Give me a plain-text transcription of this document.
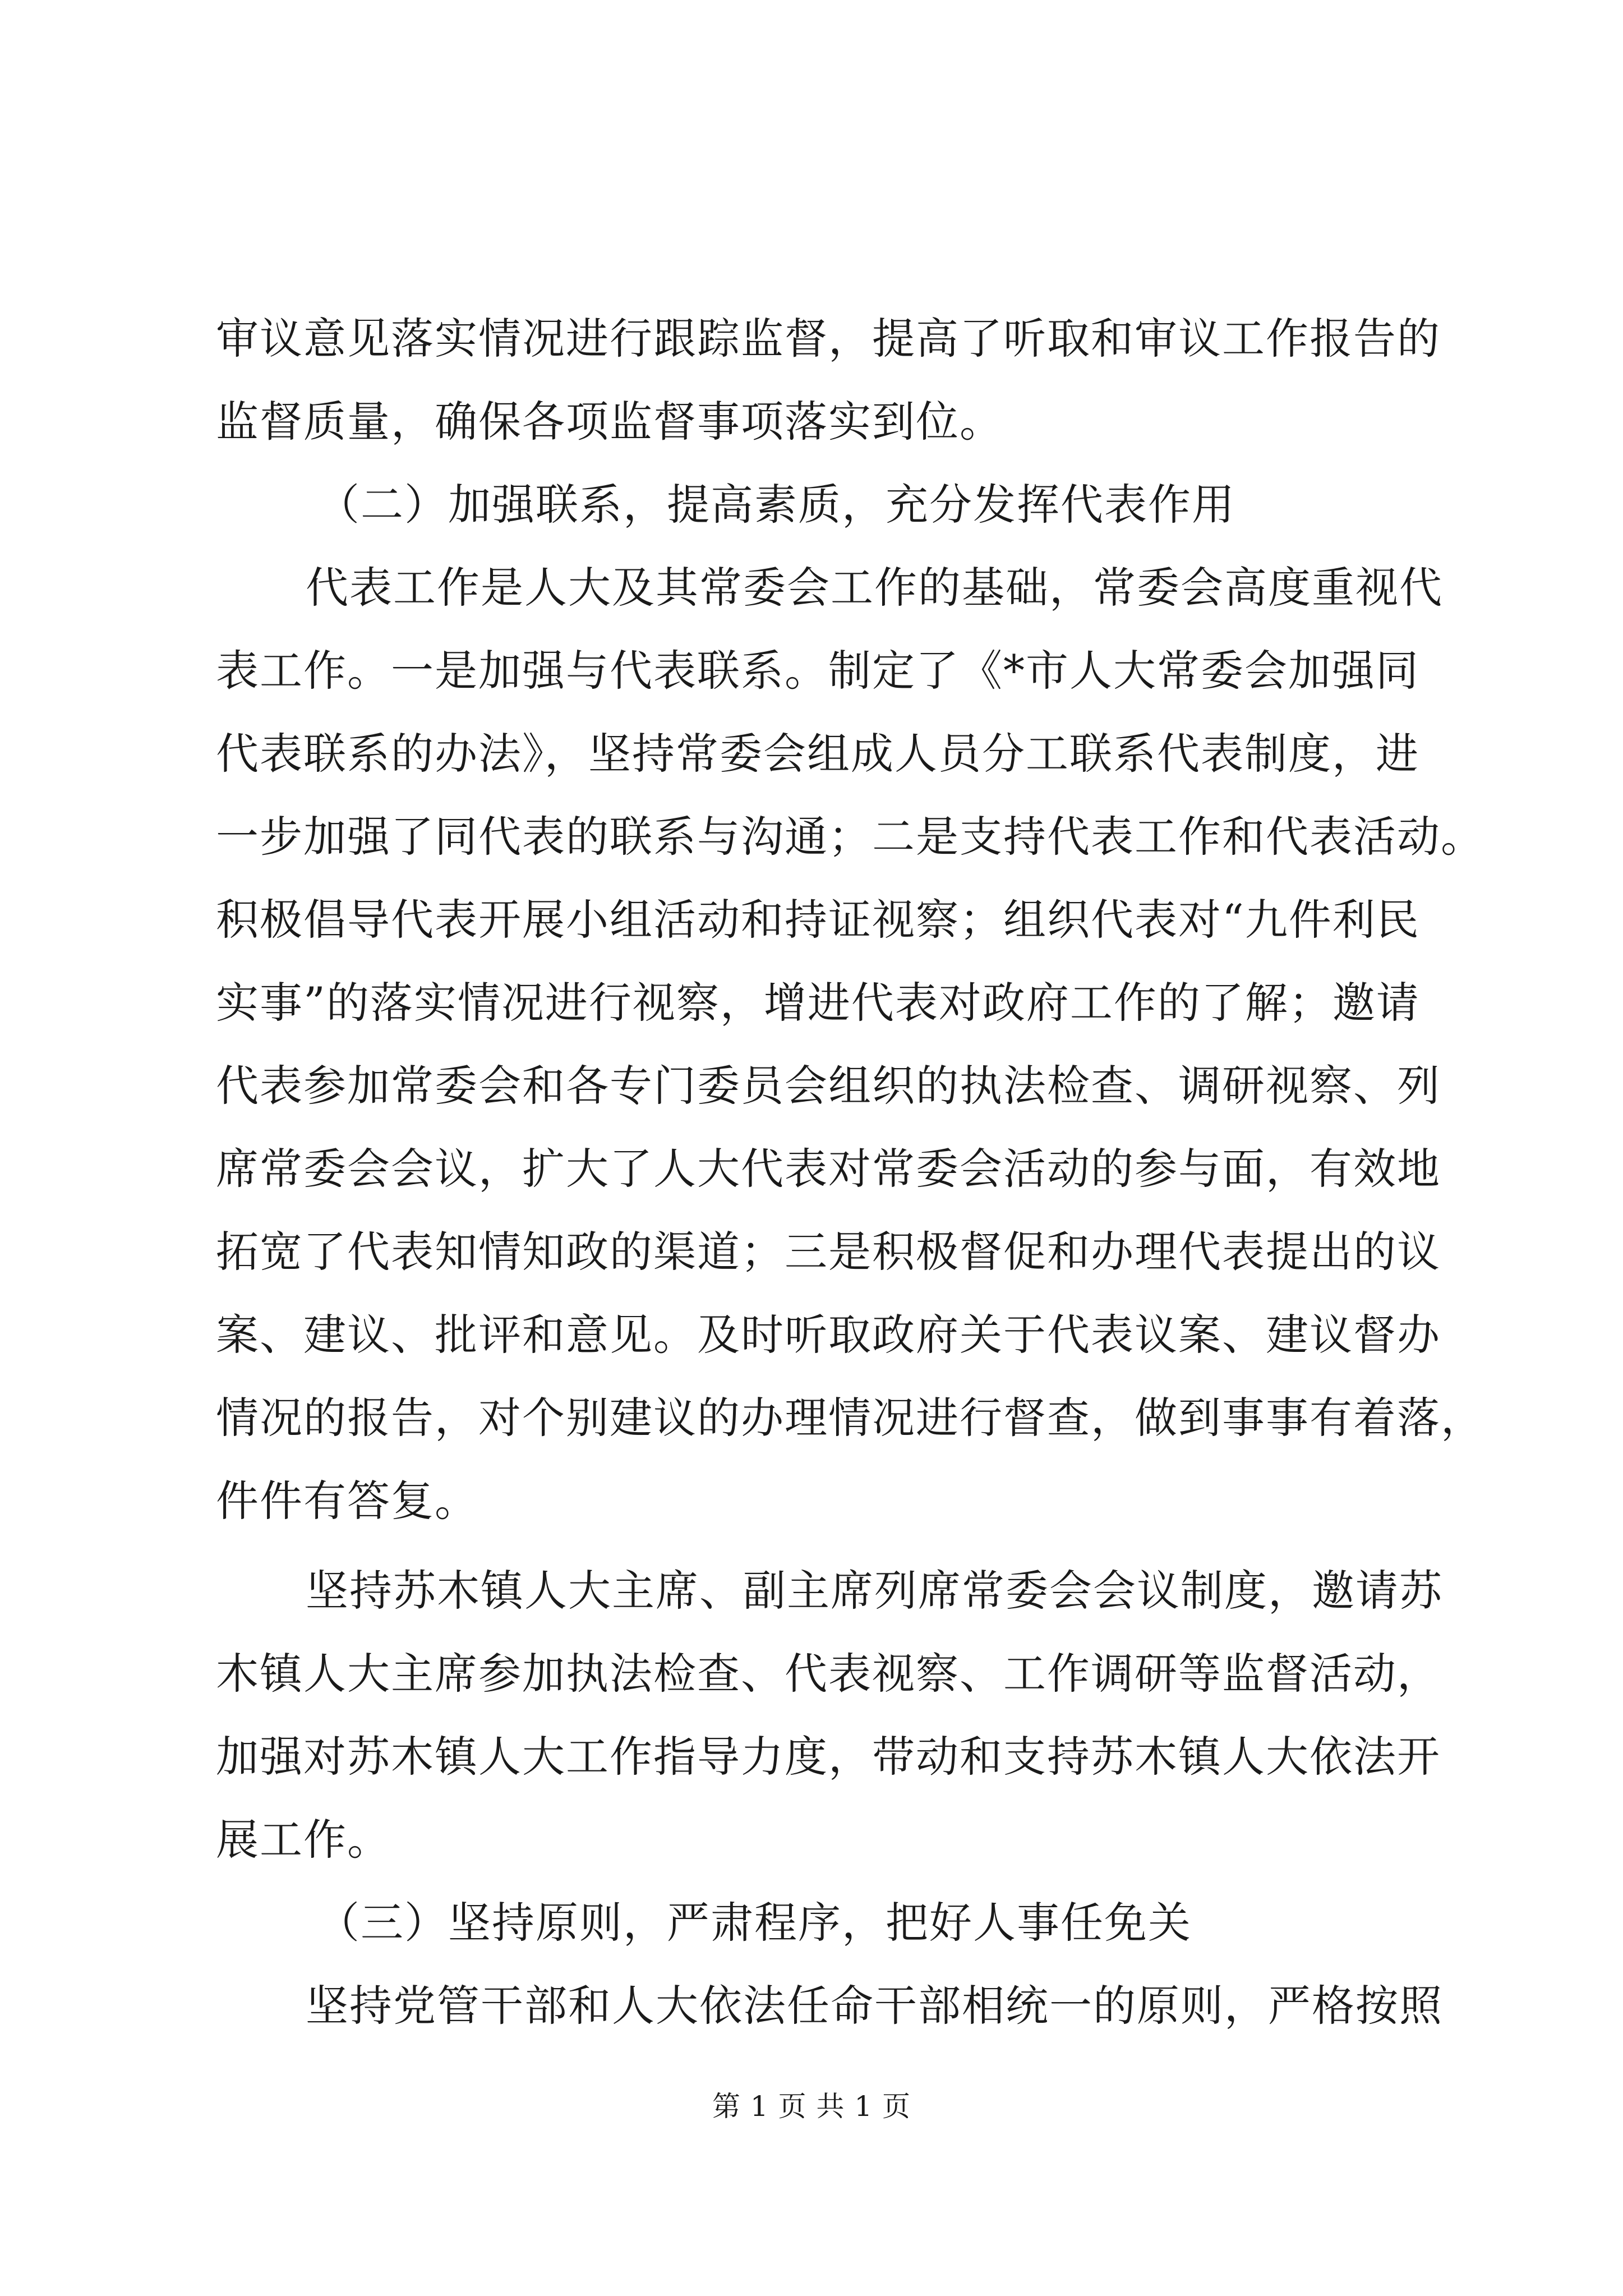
审议意见落实情况进行跟踪监督，提高了听取和审议工作报告的
监督质量，确保各项监督事项落实到位。
（二）加强联系，提高素质，充分发挥代表作用
代表工作是人大及其常委会工作的基础，常委会高度重视代
表工作。一是加强与代表联系。制定了《*市人大常委会加强同
代表联系的办法》，坚持常委会组成人员分工联系代表制度，进
一步加强了同代表的联系与沟通；二是支持代表工作和代表活动。
积极倡导代表开展小组活动和持证视察；组织代表对“九件利民
实事”的落实情况进行视察，增进代表对政府工作的了解；邀请
代表参加常委会和各专门委员会组织的执法检查、调研视察、列
席常委会会议，扩大了人大代表对常委会活动的参与面，有效地
拓宽了代表知情知政的渠道；三是积极督促和办理代表提出的议
案、建议、批评和意见。及时听取政府关于代表议案、建议督办
情况的报告，对个别建议的办理情况进行督查，做到事事有着落，
件件有答复。
坚持苏木镇人大主席、副主席列席常委会会议制度，邀请苏
木镇人大主席参加执法检查、代表视察、工作调研等监督活动，
加强对苏木镇人大工作指导力度，带动和支持苏木镇人大依法开
展工作。
（三）坚持原则，严肃程序，把好人事任免关
坚持党管干部和人大依法任命干部相统一的原则，严格按照
第 1 页 共 1 页
